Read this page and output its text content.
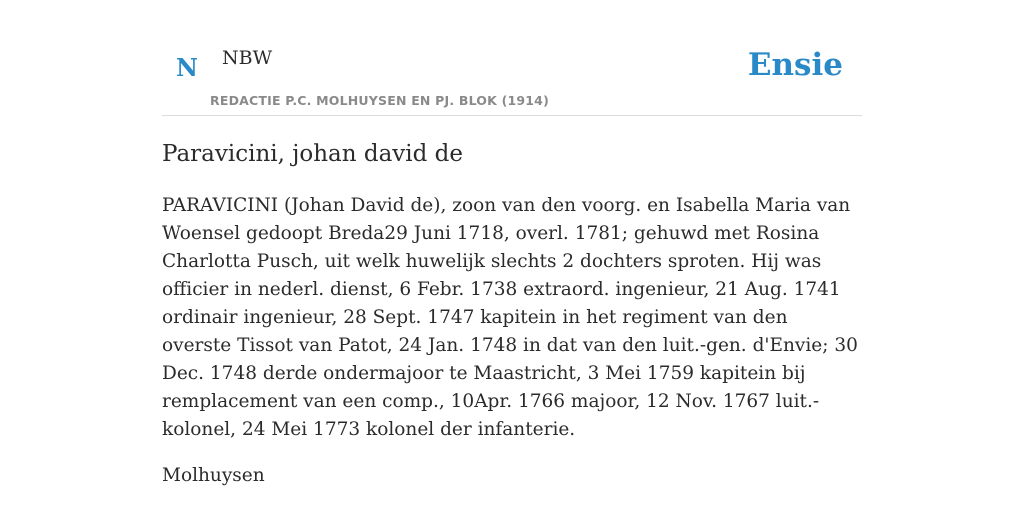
N NBW
REDACTIE P.C. MOLHUYSEN EN PJ. BLOK (1914)
Ensie
Paravicini, johan david de

PARAVICINI (Johan David de), zoon van den voorg. en Isabella Maria van Woensel gedoopt Breda29 Juni 1718, overl. 1781; gehuwd met Rosina Charlotta Pusch, uit welk huwelijk slechts 2 dochters sproten. Hij was officier in nederl. dienst, 6 Febr. 1738 extraord. ingenieur, 21 Aug. 1741 ordinair ingenieur, 28 Sept. 1747 kapitein in het regiment van den overste Tissot van Patot, 24 Jan. 1748 in dat van den luit.-gen. d'Envie; 30 Dec. 1748 derde ondermajoor te Maastricht, 3 Mei 1759 kapitein bij remplacement van een comp., 10Apr. 1766 majoor, 12 Nov. 1767 luit.-kolonel, 24 Mei 1773 kolonel der infanterie.

Molhuysen
